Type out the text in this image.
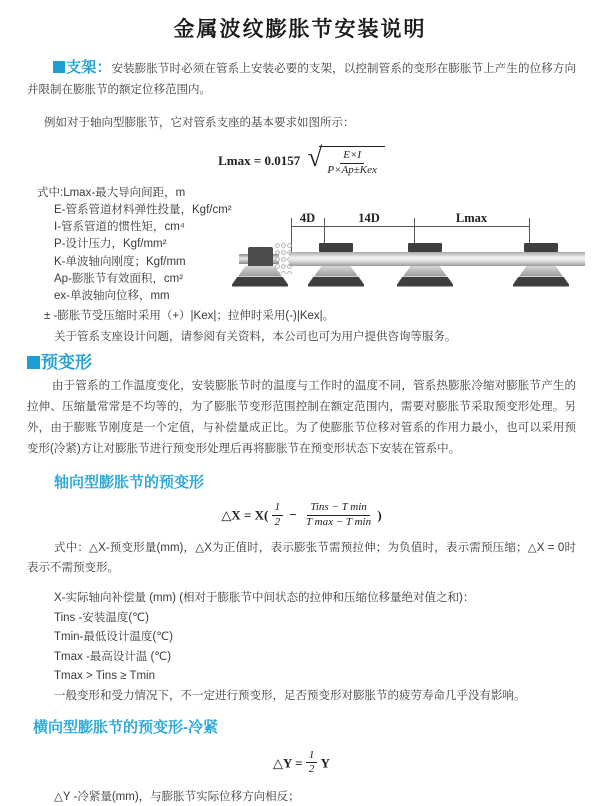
金属波纹膨胀节安装说明

支架：安装膨胀节时必须在管系上安装必要的支架，以控制管系的变形在膨胀节上产生的位移方向并限制在膨胀节的额定位移范围内。

例如对于轴向型膨胀节，它对管系支座的基本要求如图所示：

Lmax = 0.0157 √ $\frac{E\times I}{\text{P×Ap±Kex}}$
式中:Lmax-最大导向间距，m
E-管系管道材料弹性投量，Kgf/cm²
I-管系管道的惯性矩，cm⁴
P-设计压力，Kgf/mm²
K-单波轴向刚度；Kgf/mm
Ap-膨胀节有效面积，cm²
ex-单波轴向位移，mm
± -膨胀节受压缩时采用（+）|Kex|；拉伸时采用(-)|Kex|。
关于管系支座设计问题，请参阅有关资料，本公司也可为用户提供咨询等服务。
4D	14D	Lmax
预变形

由于管系的工作温度变化，安装膨胀节时的温度与工作时的温度不同，管系热膨胀冷缩对膨胀节产生的拉伸、压缩量常常是不均等的，为了膨胀节变形范围控制在额定范围内，需要对膨胀节采取预变形处理。另外，由于膨账节刚度是一个定值，与补偿量成正比。为了使膨胀节位移对管系的作用力最小，也可以采用预变形(冷紧)方让对膨胀节进行预变形处理后再将膨胀节在预变形状态下安装在管系中。

轴向型膨胀节的预变形
△X = $X( \frac{1}{2} - \frac{\text{Tins − T min}}{\text{T max − T min}}$ )

式中：△X-预变形量(mm)，△X为正值时，表示膨张节需预拉伸；为负值时，表示需预压缩；△X = 0时表示不需预变形。

X-实际轴向补偿量 (mm) (相对于膨胀节中间状态的拉伸和压缩位移量绝对值之和)：
Tins -安装温度(℃)
Tmin-最低设计温度(℃)
Tmax -最高设计温 (℃)
Tmax > Tins ≥ Tmin
一般变形和受力情况下，不一定进行预变形，足否预变形对膨胀节的疲劳寿命几乎没有影响。
横向型膨胀节的预变形-冷紧
△Y = $\frac{1}{2}$ Y
△Y -冷紧量(mm)，与膨胀节实际位移方向相反；
